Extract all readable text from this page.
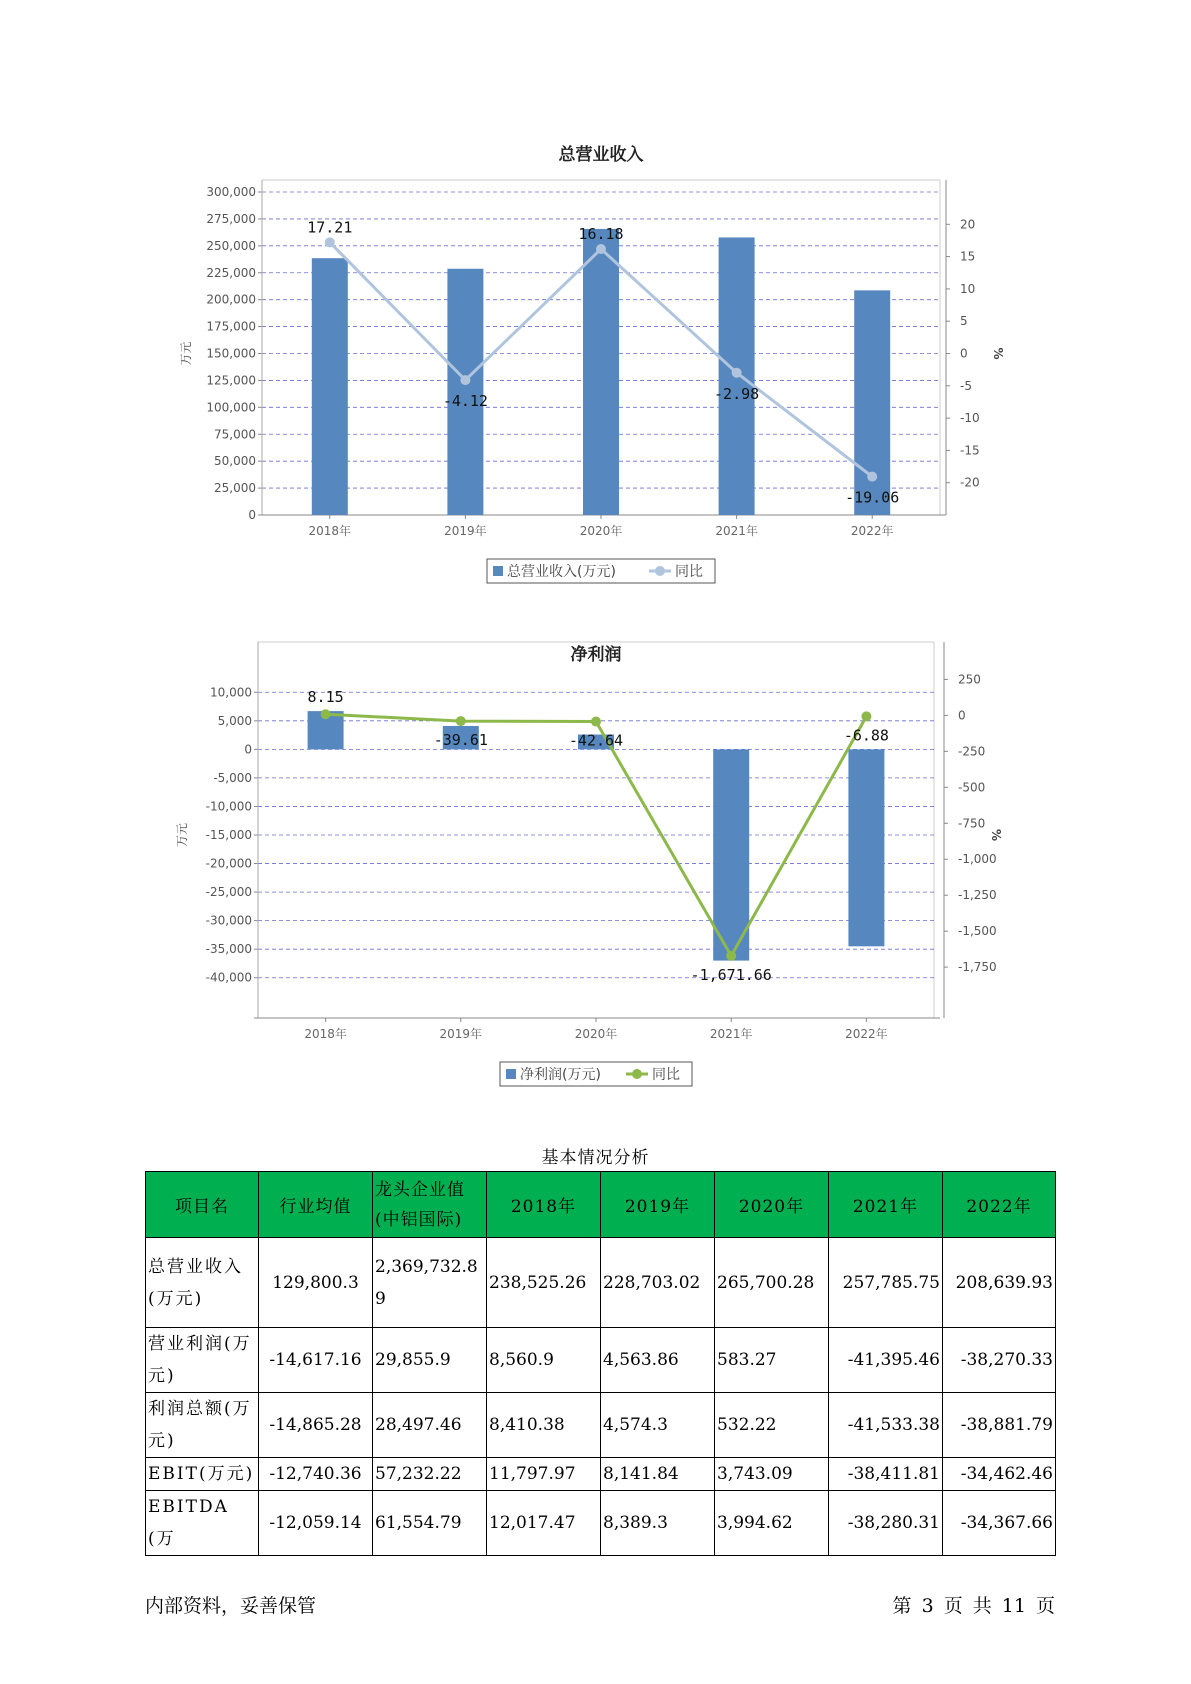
总营业收入
300,000
275,000
250,000
225,000
200,000
175,000
150,000
125,000
100,000
75,000
50,000
25,000
0
20
15
10
5
0
-5
-10
-15
-20
万元	%
2018年	2019年	2020年	2021年	2022年
17.21
-4.12
16.18
-2.98
-19.06
总营业收入(万元)	同比
净利润
10,000
5,000
0
-5,000
-10,000
-15,000
-20,000
-25,000
-30,000
-35,000
-40,000
250
0
-250
-500
-750
-1,000
-1,250
-1,500
-1,750
万元	%
2018年	2019年	2020年	2021年	2022年
8.15
-39.61	-42.64
-1,671.66
-6.88
净利润(万元)	同比
基本情况分析
项目名	行业均值	龙头企业值(中铝国际)	2018年	2019年	2020年	2021年	2022年
总营业收入(万元)	129,800.3	2,369,732.89	238,525.26	228,703.02	265,700.28	257,785.75	208,639.93
营业利润(万元)	-14,617.16	29,855.9	8,560.9	4,563.86	583.27	-41,395.46	-38,270.33
利润总额(万元)	-14,865.28	28,497.46	8,410.38	4,574.3	532.22	-41,533.38	-38,881.79
EBIT(万元)	-12,740.36	57,232.22	11,797.97	8,141.84	3,743.09	-38,411.81	-34,462.46
EBITDA(万	-12,059.14	61,554.79	12,017.47	8,389.3	3,994.62	-38,280.31	-34,367.66
内部资料，妥善保管	第 3 页 共 11 页
